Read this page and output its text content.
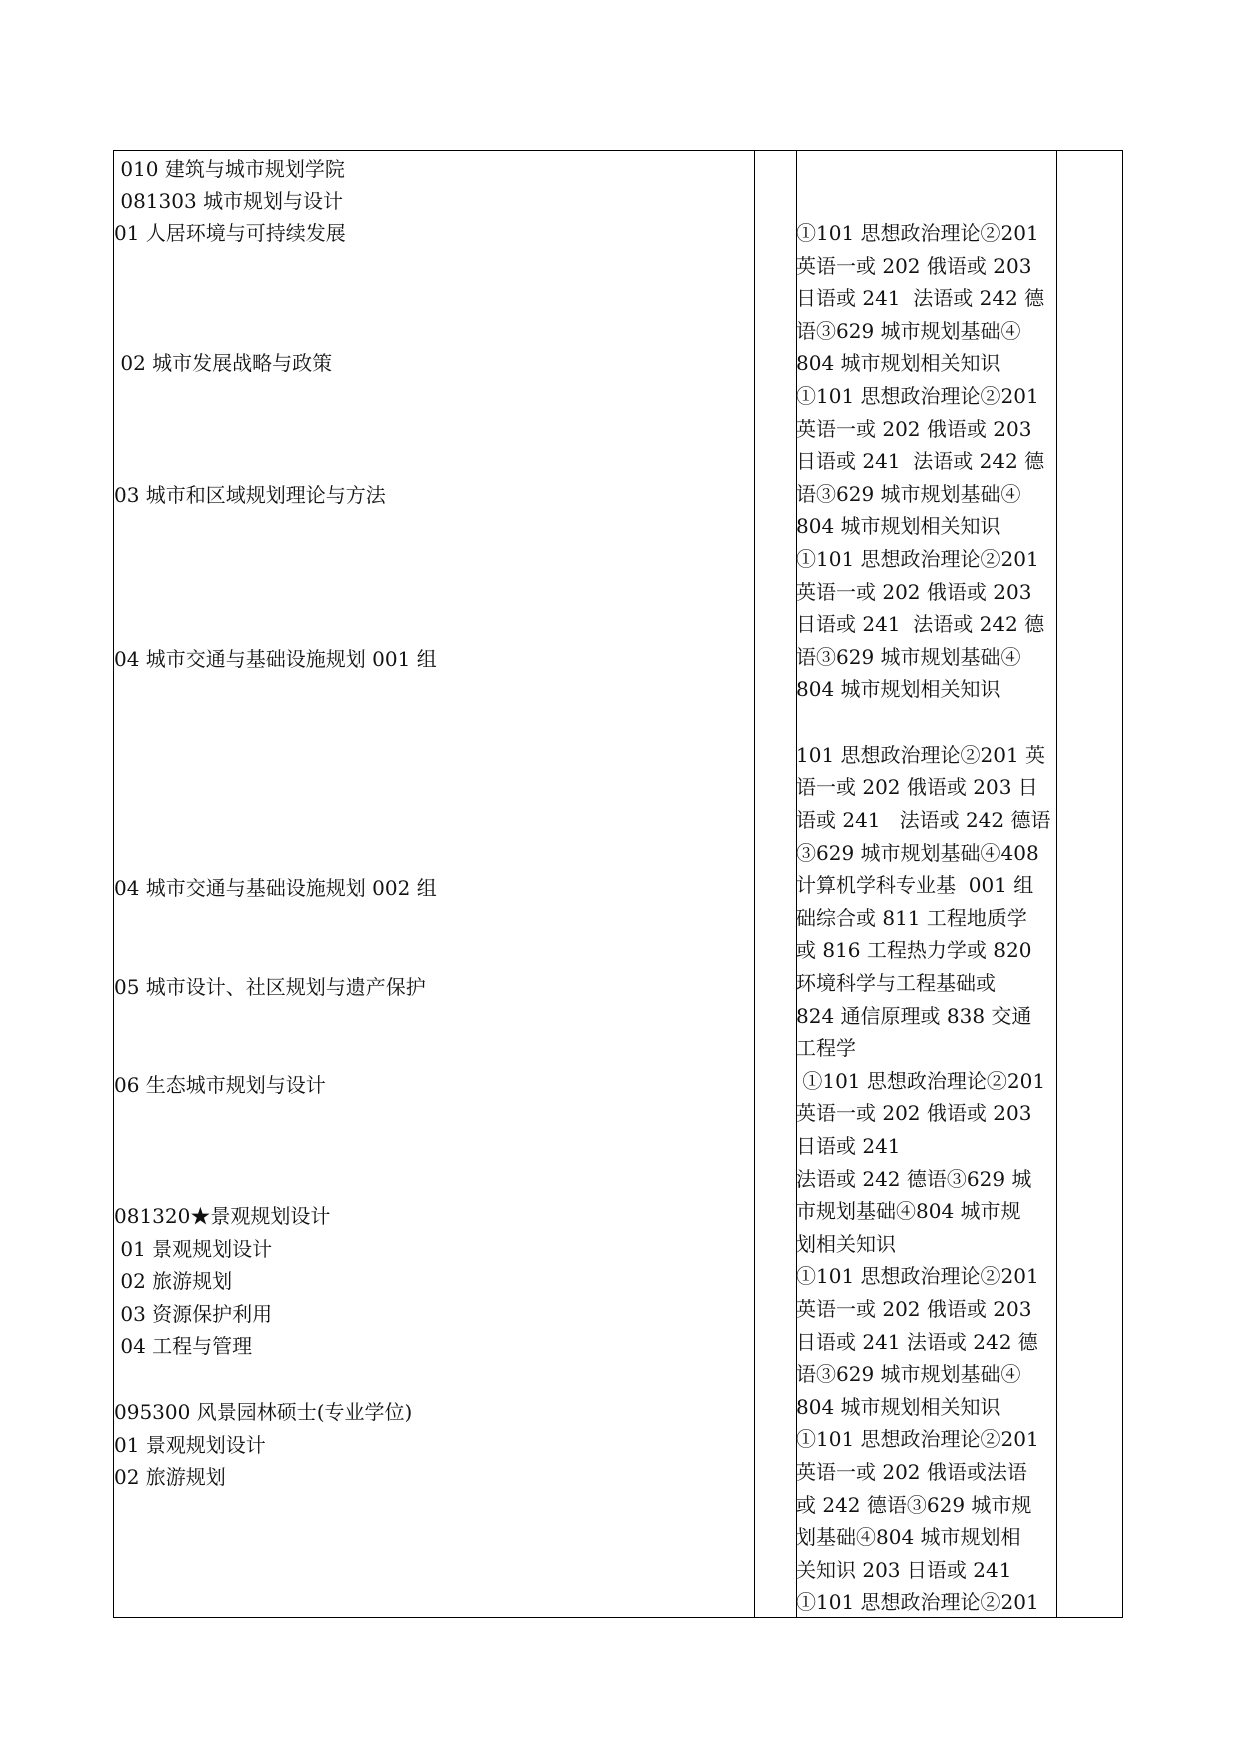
010 建筑与城市规划学院
081303 城市规划与设计
01 人居环境与可持续发展
02 城市发展战略与政策
03 城市和区域规划理论与方法
04 城市交通与基础设施规划 001 组
04 城市交通与基础设施规划 002 组
05 城市设计、社区规划与遗产保护
06 生态城市规划与设计
081320★景观规划设计
01 景观规划设计
02 旅游规划
03 资源保护利用
04 工程与管理
095300 风景园林硕士(专业学位)
01 景观规划设计
02 旅游规划
①101 思想政治理论②201
英语一或 202 俄语或 203
日语或 241  法语或 242 德
语③629 城市规划基础④
804 城市规划相关知识
①101 思想政治理论②201
英语一或 202 俄语或 203
日语或 241  法语或 242 德
语③629 城市规划基础④
804 城市规划相关知识
①101 思想政治理论②201
英语一或 202 俄语或 203
日语或 241  法语或 242 德
语③629 城市规划基础④
804 城市规划相关知识
101 思想政治理论②201 英
语一或 202 俄语或 203 日
语或 241   法语或 242 德语
③629 城市规划基础④408
计算机学科专业基  001 组
础综合或 811 工程地质学
或 816 工程热力学或 820
环境科学与工程基础或
824 通信原理或 838 交通
工程学
①101 思想政治理论②201
英语一或 202 俄语或 203
日语或 241
法语或 242 德语③629 城
市规划基础④804 城市规
划相关知识
①101 思想政治理论②201
英语一或 202 俄语或 203
日语或 241 法语或 242 德
语③629 城市规划基础④
804 城市规划相关知识
①101 思想政治理论②201
英语一或 202 俄语或法语
或 242 德语③629 城市规
划基础④804 城市规划相
关知识 203 日语或 241
①101 思想政治理论②201
